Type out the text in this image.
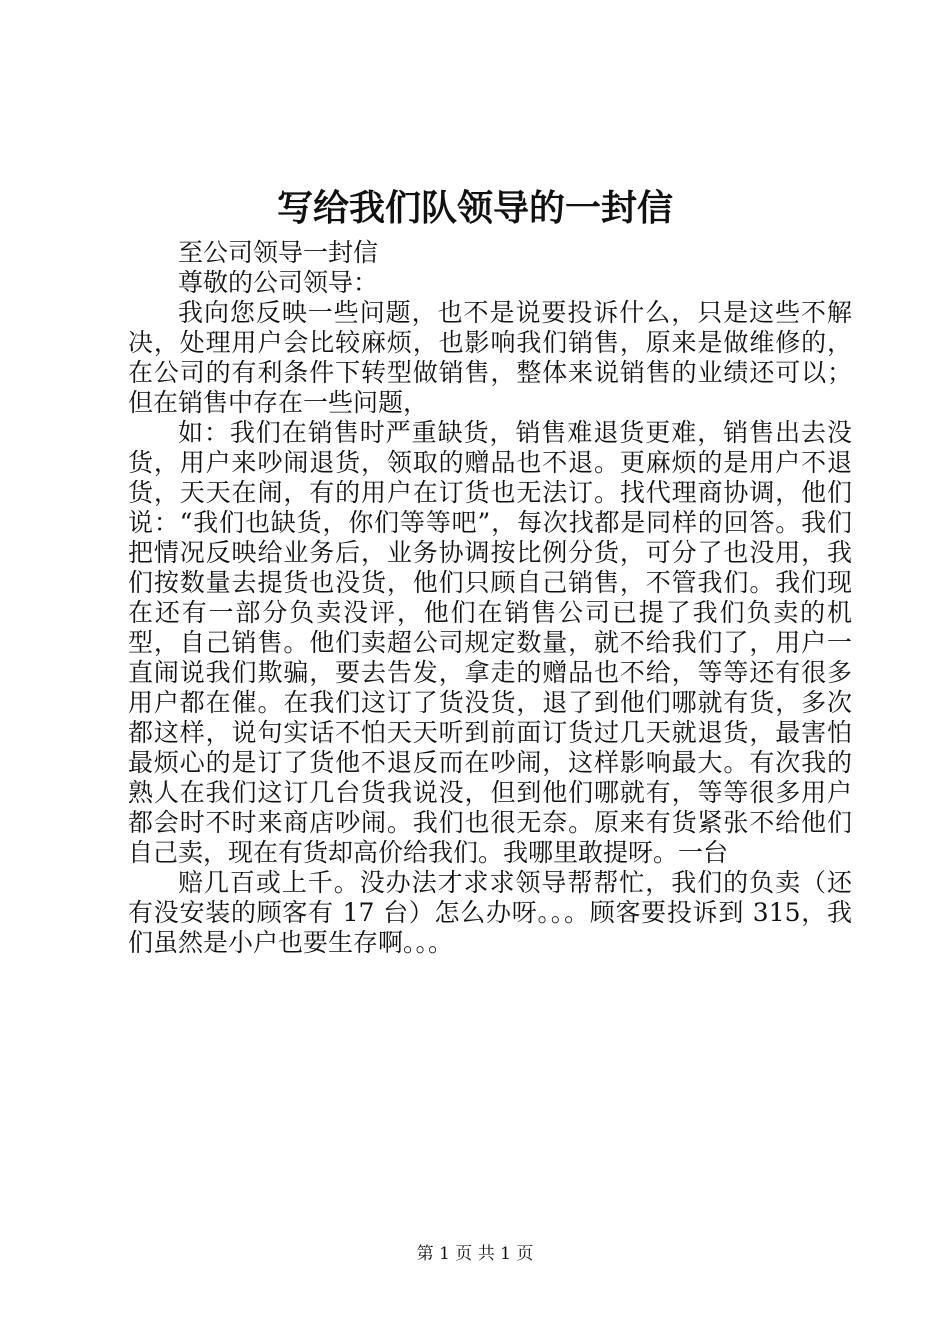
写给我们队领导的一封信

至公司领导一封信

尊敬的公司领导：

我向您反映一些问题，也不是说要投诉什么，只是这些不解决，处理用户会比较麻烦，也影响我们销售，原来是做维修的，在公司的有利条件下转型做销售，整体来说销售的业绩还可以；但在销售中存在一些问题，

如：我们在销售时严重缺货，销售难退货更难，销售出去没货，用户来吵闹退货，领取的赠品也不退。更麻烦的是用户不退货，天天在闹，有的用户在订货也无法订。找代理商协调，他们说：“我们也缺货，你们等等吧”，每次找都是同样的回答。我们把情况反映给业务后，业务协调按比例分货，可分了也没用，我们按数量去提货也没货，他们只顾自己销售，不管我们。我们现在还有一部分负卖没评，他们在销售公司已提了我们负卖的机型，自己销售。他们卖超公司规定数量，就不给我们了，用户一直闹说我们欺骗，要去告发，拿走的赠品也不给，等等还有很多用户都在催。在我们这订了货没货，退了到他们哪就有货，多次都这样，说句实话不怕天天听到前面订货过几天就退货，最害怕最烦心的是订了货他不退反而在吵闹，这样影响最大。有次我的熟人在我们这订几台货我说没，但到他们哪就有，等等很多用户都会时不时来商店吵闹。我们也很无奈。原来有货紧张不给他们自己卖，现在有货却高价给我们。我哪里敢提呀。一台

赔几百或上千。没办法才求求领导帮帮忙，我们的负卖（还有没安装的顾客有 17 台）怎么办呀。。。顾客要投诉到 315，我们虽然是小户也要生存啊。。。

第 1 页 共 1 页
